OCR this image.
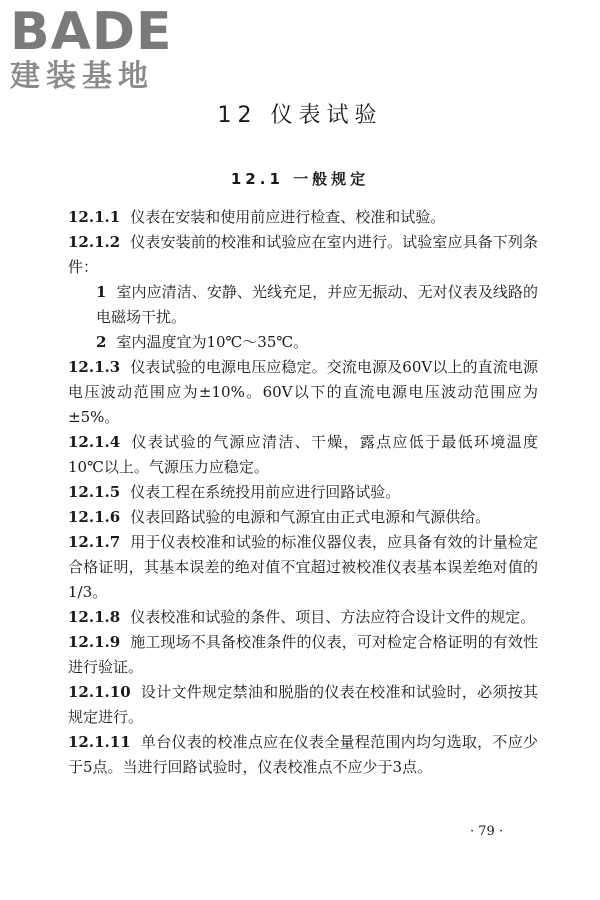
BADE
建装基地
12 仪表试验
12.1 一般规定

12.1.1 仪表在安装和使用前应进行检查、校准和试验。

12.1.2 仪表安装前的校准和试验应在室内进行。试验室应具备下列条件：

1 室内应清洁、安静、光线充足，并应无振动、无对仪表及线路的电磁场干扰。

2 室内温度宜为10℃～35℃。

12.1.3 仪表试验的电源电压应稳定。交流电源及60V以上的直流电源电压波动范围应为±10%。60V以下的直流电源电压波动范围应为±5%。

12.1.4 仪表试验的气源应清洁、干燥，露点应低于最低环境温度10℃以上。气源压力应稳定。

12.1.5 仪表工程在系统投用前应进行回路试验。

12.1.6 仪表回路试验的电源和气源宜由正式电源和气源供给。

12.1.7 用于仪表校准和试验的标准仪器仪表，应具备有效的计量检定合格证明，其基本误差的绝对值不宜超过被校准仪表基本误差绝对值的1/3。

12.1.8 仪表校准和试验的条件、项目、方法应符合设计文件的规定。

12.1.9 施工现场不具备校准条件的仪表，可对检定合格证明的有效性进行验证。

12.1.10 设计文件规定禁油和脱脂的仪表在校准和试验时，必须按其规定进行。

12.1.11 单台仪表的校准点应在仪表全量程范围内均匀选取，不应少于5点。当进行回路试验时，仪表校准点不应少于3点。

· 79 ·
